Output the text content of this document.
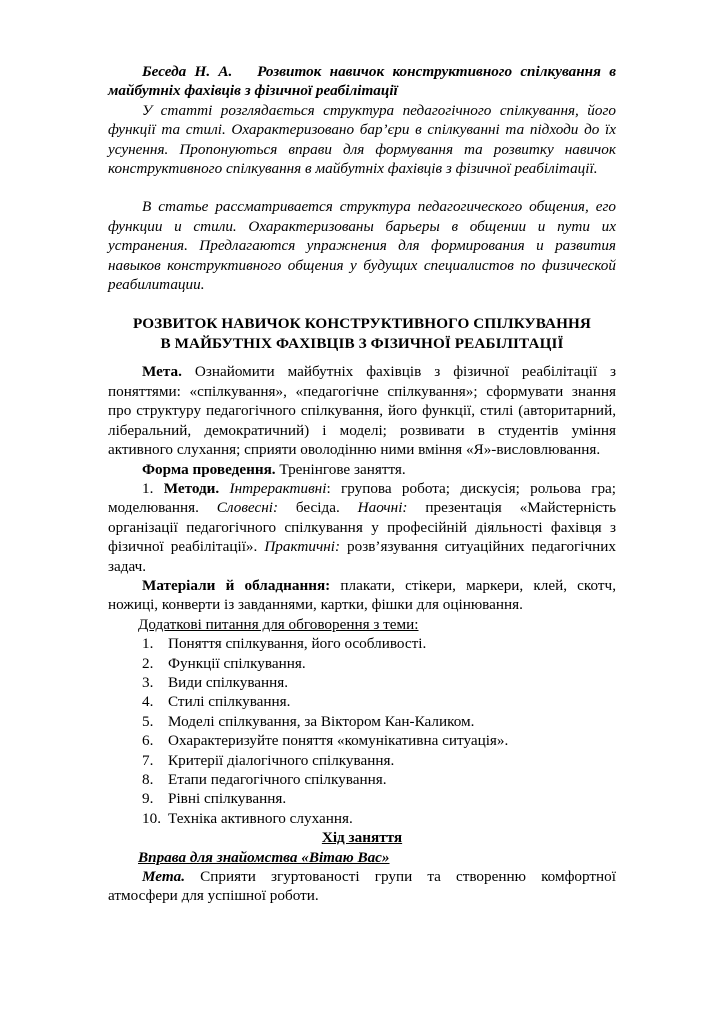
Беседа Н. А. Розвиток навичок конструктивного спілкування в майбутніх фахівців з фізичної реабілітації

У статті розглядається структура педагогічного спілкування, його функції та стилі. Охарактеризовано бар’єри в спілкуванні та підходи до їх усунення. Пропонуються вправи для формування та розвитку навичок конструктивного спілкування в майбутніх фахівців з фізичної реабілітації.

В статье рассматривается структура педагогического общения, его функции и стили. Охарактеризованы барьеры в общении и пути их устранения. Предлагаются упражнения для формирования и развития навыков конструктивного общения у будущих специалистов по физической реабилитации.

РОЗВИТОК НАВИЧОК КОНСТРУКТИВНОГО СПІЛКУВАННЯ
В МАЙБУТНІХ ФАХІВЦІВ З ФІЗИЧНОЇ РЕАБІЛІТАЦІЇ

Мета. Ознайомити майбутніх фахівців з фізичної реабілітації з поняттями: «спілкування», «педагогічне спілкування»; сформувати знання про структуру педагогічного спілкування, його функції, стилі (авторитарний, ліберальний, демократичний) і моделі; розвивати в студентів уміння активного слухання; сприяти оволодінню ними вміння «Я»-висловлювання.

Форма проведення. Тренінгове заняття.

1. Методи. Інтрерактивні: групова робота; дискусія; рольова гра; моделювання. Словесні: бесіда. Наочні: презентація «Майстерність організації педагогічного спілкування у професійній діяльності фахівця з фізичної реабілітації». Практичні: розв’язування ситуаційних педагогічних задач.

Матеріали й обладнання: плакати, стікери, маркери, клей, скотч, ножиці, конверти із завданнями, картки, фішки для оцінювання.

Додаткові питання для обговорення з теми:

1. Поняття спілкування, його особливості.
2. Функції спілкування.
3. Види спілкування.
4. Стилі спілкування.
5. Моделі спілкування, за Віктором Кан-Каликом.
6. Охарактеризуйте поняття «комунікативна ситуація».
7. Критерії діалогічного спілкування.
8. Етапи педагогічного спілкування.
9. Рівні спілкування.
10. Техніка активного слухання.

Хід заняття

Вправа для знайомства «Вітаю Вас»

Мета. Сприяти згуртованості групи та створенню комфортної атмосфери для успішної роботи.
